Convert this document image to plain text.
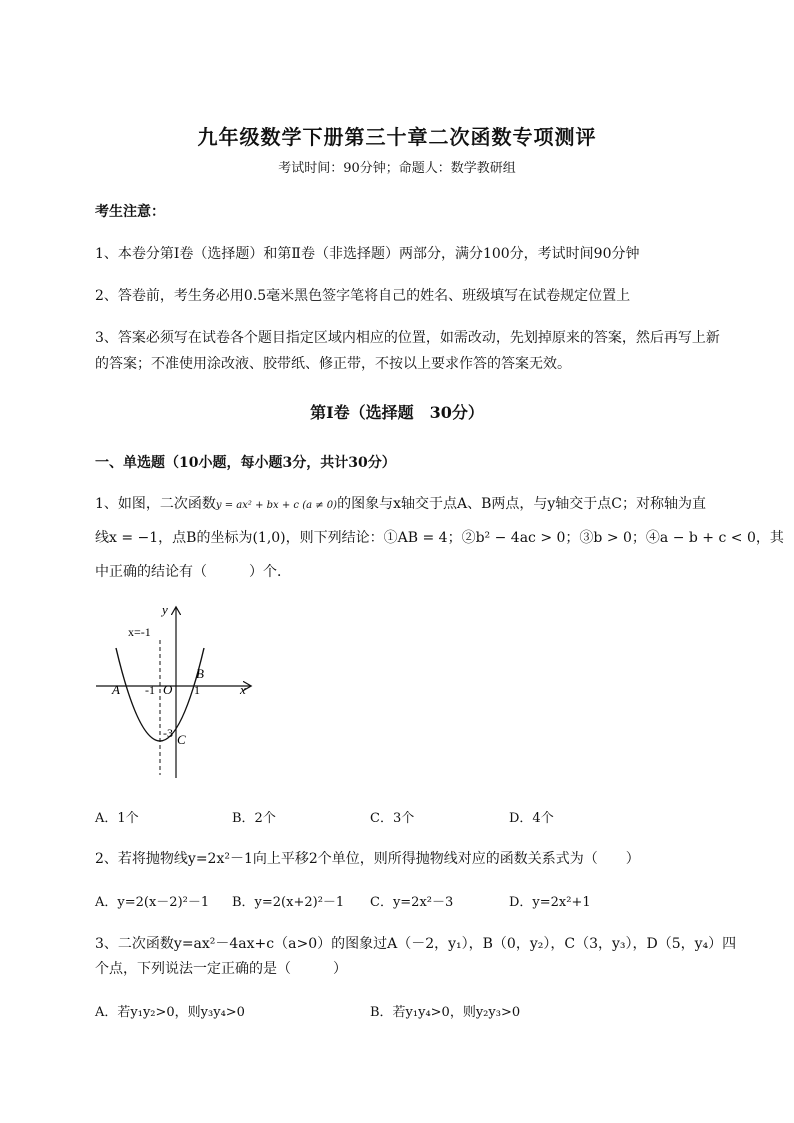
九年级数学下册第三十章二次函数专项测评
考试时间：90分钟；命题人：数学教研组
考生注意：
1、本卷分第I卷（选择题）和第Ⅱ卷（非选择题）两部分，满分100分，考试时间90分钟
2、答卷前，考生务必用0.5毫米黑色签字笔将自己的姓名、班级填写在试卷规定位置上
3、答案必须写在试卷各个题目指定区域内相应的位置，如需改动，先划掉原来的答案，然后再写上新
的答案；不准使用涂改液、胶带纸、修正带，不按以上要求作答的答案无效。
第I卷（选择题　30分）
一、单选题（10小题，每小题3分，共计30分）
1、如图，二次函数y = ax² + bx + c (a ≠ 0)的图象与x轴交于点A、B两点，与y轴交于点C；对称轴为直
线x = −1，点B的坐标为(1,0)，则下列结论：①AB = 4；②b² − 4ac > 0；③b > 0；④a − b + c < 0，其
中正确的结论有（　　　）个．
y
x
x=-1
A
B
C
O
-1	1
-3
A．1个	B．2个	C．3个	D．4个
2、若将抛物线y=2x²－1向上平移2个单位，则所得抛物线对应的函数关系式为（　　）
A．y=2(x－2)²－1 B．y=2(x+2)²－1 C．y=2x²－3	D．y=2x²+1
3、二次函数y=ax²－4ax+c（a>0）的图象过A（－2，y₁），B（0，y₂），C（3，y₃），D（5，y₄）四
个点，下列说法一定正确的是（　　　）
A．若y₁y₂>0，则y₃y₄>0	B．若y₁y₄>0，则y₂y₃>0
